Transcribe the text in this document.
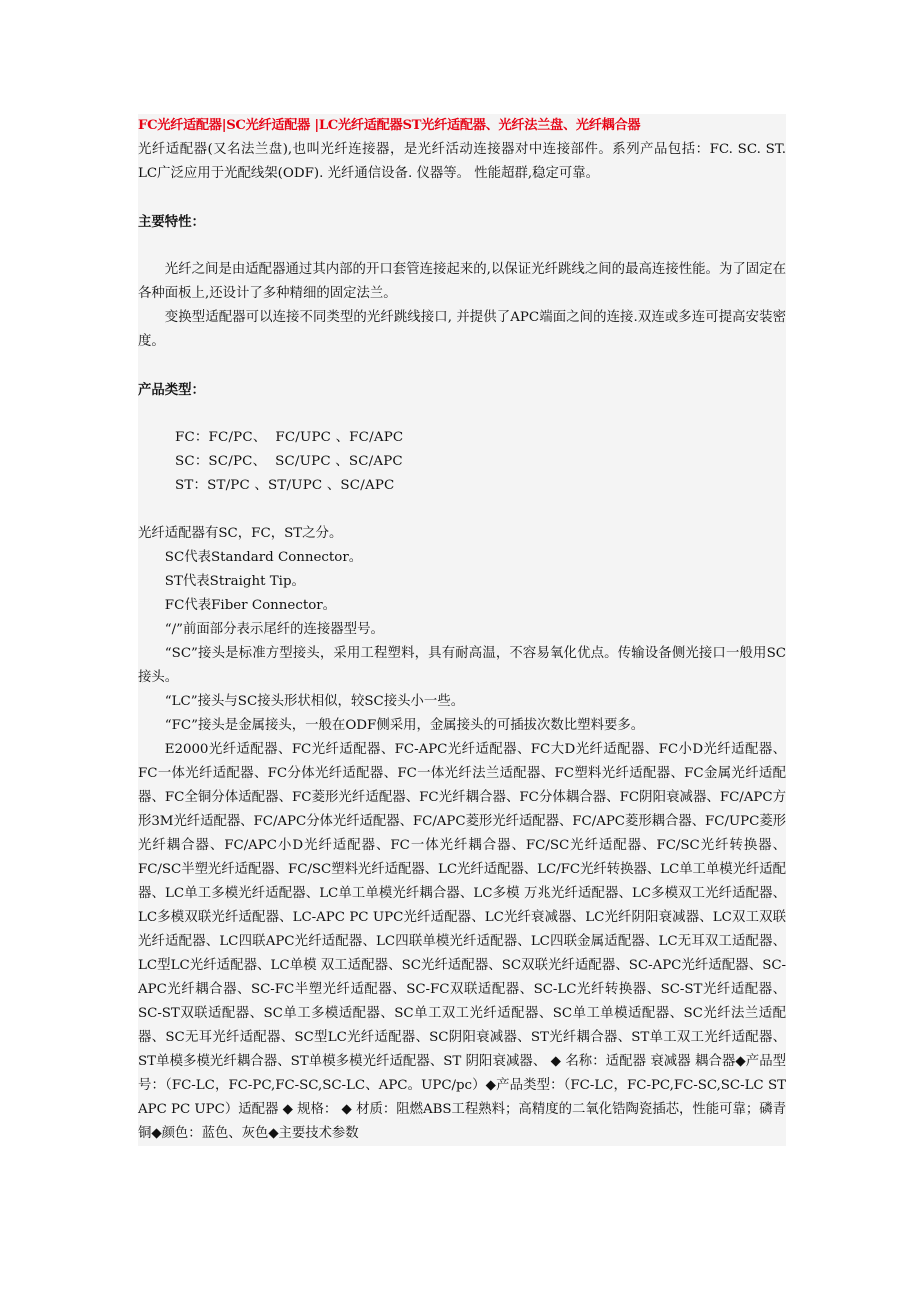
FC光纤适配器|SC光纤适配器 |LC光纤适配器ST光纤适配器、光纤法兰盘、光纤耦合器

光纤适配器(又名法兰盘),也叫光纤连接器，是光纤活动连接器对中连接部件。系列产品包括：FC. SC. ST. LC广泛应用于光配线架(ODF). 光纤通信设备. 仪器等。 性能超群,稳定可靠。

主要特性：

光纤之间是由适配器通过其内部的开口套管连接起来的,以保证光纤跳线之间的最高连接性能。为了固定在各种面板上,还设计了多种精细的固定法兰。

变换型适配器可以连接不同类型的光纤跳线接口, 并提供了APC端面之间的连接.双连或多连可提高安装密度。

产品类型：

FC：FC/PC、  FC/UPC 、FC/APC

SC：SC/PC、  SC/UPC 、SC/APC

ST：ST/PC 、ST/UPC 、SC/APC

光纤适配器有SC，FC，ST之分。

SC代表Standard Connector。

ST代表Straight Tip。

FC代表Fiber Connector。

“/”前面部分表示尾纤的连接器型号。

“SC”接头是标准方型接头，采用工程塑料，具有耐高温，不容易氧化优点。传输设备侧光接口一般用SC接头。

“LC”接头与SC接头形状相似，较SC接头小一些。

“FC”接头是金属接头，一般在ODF侧采用，金属接头的可插拔次数比塑料要多。

E2000光纤适配器、FC光纤适配器、FC-APC光纤适配器、FC大D光纤适配器、FC小D光纤适配器、FC一体光纤适配器、FC分体光纤适配器、FC一体光纤法兰适配器、FC塑料光纤适配器、FC金属光纤适配器、FC全铜分体适配器、FC菱形光纤适配器、FC光纤耦合器、FC分体耦合器、FC阴阳衰减器、FC/APC方形3M光纤适配器、FC/APC分体光纤适配器、FC/APC菱形光纤适配器、FC/APC菱形耦合器、FC/UPC菱形光纤耦合器、FC/APC小D光纤适配器、FC一体光纤耦合器、FC/SC光纤适配器、FC/SC光纤转换器、FC/SC半塑光纤适配器、FC/SC塑料光纤适配器、LC光纤适配器、LC/FC光纤转换器、LC单工单模光纤适配器、LC单工多模光纤适配器、LC单工单模光纤耦合器、LC多模 万兆光纤适配器、LC多模双工光纤适配器、LC多模双联光纤适配器、LC-APC PC UPC光纤适配器、LC光纤衰减器、LC光纤阴阳衰减器、LC双工双联光纤适配器、LC四联APC光纤适配器、LC四联单模光纤适配器、LC四联金属适配器、LC无耳双工适配器、LC型LC光纤适配器、LC单模 双工适配器、SC光纤适配器、SC双联光纤适配器、SC-APC光纤适配器、SC-APC光纤耦合器、SC-FC半塑光纤适配器、SC-FC双联适配器、SC-LC光纤转换器、SC-ST光纤适配器、SC-ST双联适配器、SC单工多模适配器、SC单工双工光纤适配器、SC单工单模适配器、SC光纤法兰适配器、SC无耳光纤适配器、SC型LC光纤适配器、SC阴阳衰减器、ST光纤耦合器、ST单工双工光纤适配器、ST单模多模光纤耦合器、ST单模多模光纤适配器、ST 阴阳衰减器、 ◆ 名称：适配器 衰减器 耦合器◆产品型号：（FC-LC，FC-PC,FC-SC,SC-LC、APC。UPC/pc）◆产品类型：（FC-LC，FC-PC,FC-SC,SC-LC ST APC PC UPC）适配器 ◆ 规格： ◆ 材质：阻燃ABS工程熟料；高精度的二氧化锆陶瓷插芯，性能可靠；磷青铜◆颜色：蓝色、灰色◆主要技术参数
